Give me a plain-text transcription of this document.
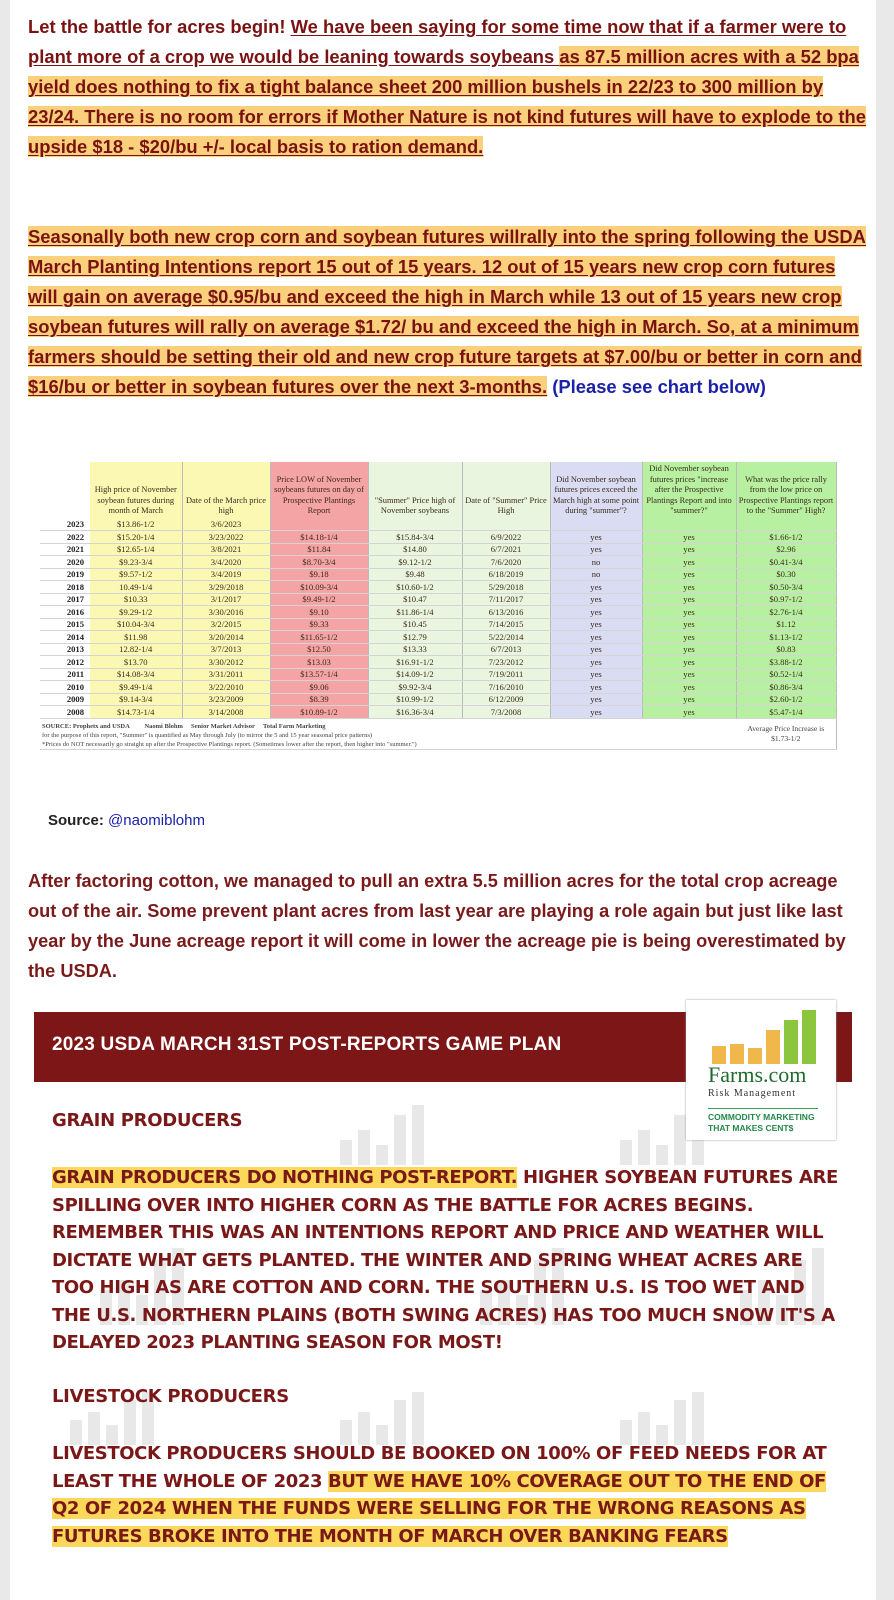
Let the battle for acres begin! We have been saying for some time now that if a farmer were to plant more of a crop we would be leaning towards soybeans as 87.5 million acres with a 52 bpa yield does nothing to fix a tight balance sheet 200 million bushels in 22/23 to 300 million by 23/24. There is no room for errors if Mother Nature is not kind futures will have to explode to the upside $18 - $20/bu +/- local basis to ration demand.

Seasonally both new crop corn and soybean futures willrally into the spring following the USDA March Planting Intentions report 15 out of 15 years. 12 out of 15 years new crop corn futures will gain on average $0.95/bu and exceed the high in March while 13 out of 15 years new crop soybean futures will rally on average $1.72/ bu and exceed the high in March. So, at a minimum farmers should be setting their old and new crop future targets at $7.00/bu or better in corn and $16/bu or better in soybean futures over the next 3-months. (Please see chart below)

	High price of November soybean futures during month of March	Date of the March price high	Price LOW of November soybeans futures on day of Prospective Plantings Report	"Summer" Price high of November soybeans	Date of "Summer" Price High	Did November soybean futures prices exceed the March high at some point during "summer"?	Did November soybean futures prices "increase after the Prospective Plantings Report and into "summer?"	What was the price rally from the low price on Prospective Plantings report to the "Summer" High?
2023	$13.86-1/2	3/6/2023						
2022	$15.20-1/4	3/23/2022	$14.18-1/4	$15.84-3/4	6/9/2022	yes	yes	$1.66-1/2
2021	$12.65-1/4	3/8/2021	$11.84	$14.80	6/7/2021	yes	yes	$2.96
2020	$9.23-3/4	3/4/2020	$8.70-3/4	$9.12-1/2	7/6/2020	no	yes	$0.41-3/4
2019	$9.57-1/2	3/4/2019	$9.18	$9.48	6/18/2019	no	yes	$0.30
2018	10.49-1/4	3/29/2018	$10.09-3/4	$10.60-1/2	5/29/2018	yes	yes	$0.50-3/4
2017	$10.33	3/1/2017	$9.49-1/2	$10.47	7/11/2017	yes	yes	$0.97-1/2
2016	$9.29-1/2	3/30/2016	$9.10	$11.86-1/4	6/13/2016	yes	yes	$2.76-1/4
2015	$10.04-3/4	3/2/2015	$9.33	$10.45	7/14/2015	yes	yes	$1.12
2014	$11.98	3/20/2014	$11.65-1/2	$12.79	5/22/2014	yes	yes	$1.13-1/2
2013	12.82-1/4	3/7/2013	$12.50	$13.33	6/7/2013	yes	yes	$0.83
2012	$13.70	3/30/2012	$13.03	$16.91-1/2	7/23/2012	yes	yes	$3.88-1/2
2011	$14.08-3/4	3/31/2011	$13.57-1/4	$14.09-1/2	7/19/2011	yes	yes	$0.52-1/4
2010	$9.49-1/4	3/22/2010	$9.06	$9.92-3/4	7/16/2010	yes	yes	$0.86-3/4
2009	$9.14-3/4	3/23/2009	$8.39	$10.99-1/2	6/12/2009	yes	yes	$2.60-1/2
2008	$14.73-1/4	3/14/2008	$10.89-1/2	$16.36-3/4	7/3/2008	yes	yes	$5.47-1/4
SOURCE: Prophetx and USDA Naomi Blohm Senior Market Advisor Total Farm Marketing
for the purpose of this report, "Summer" is quantified as May through July (to mirror the 5 and 15 year seasonal price patterns)
*Prices do NOT necessarily go straight up after the Prospective Plantings report. (Sometimes lower after the report, then higher into "summer.")								Average Price Increase is $1.73-1/2
Source: @naomiblohm

After factoring cotton, we managed to pull an extra 5.5 million acres for the total crop acreage out of the air. Some prevent plant acres from last year are playing a role again but just like last year by the June acreage report it will come in lower the acreage pie is being overestimated by the USDA.

2023 USDA MARCH 31ST POST-REPORTS GAME PLAN
Farms.com
Risk Management
COMMODITY MARKETING
THAT MAKES CENT$
GRAIN PRODUCERS
GRAIN PRODUCERS DO NOTHING POST-REPORT. HIGHER SOYBEAN FUTURES ARE SPILLING OVER INTO HIGHER CORN AS THE BATTLE FOR ACRES BEGINS. REMEMBER THIS WAS AN INTENTIONS REPORT AND PRICE AND WEATHER WILL DICTATE WHAT GETS PLANTED. THE WINTER AND SPRING WHEAT ACRES ARE TOO HIGH AS ARE COTTON AND CORN. THE SOUTHERN U.S. IS TOO WET AND THE U.S. NORTHERN PLAINS (BOTH SWING ACRES) HAS TOO MUCH SNOW IT'S A DELAYED 2023 PLANTING SEASON FOR MOST!
LIVESTOCK PRODUCERS
LIVESTOCK PRODUCERS SHOULD BE BOOKED ON 100% OF FEED NEEDS FOR AT LEAST THE WHOLE OF 2023 BUT WE HAVE 10% COVERAGE OUT TO THE END OF Q2 OF 2024 WHEN THE FUNDS WERE SELLING FOR THE WRONG REASONS AS FUTURES BROKE INTO THE MONTH OF MARCH OVER BANKING FEARS
